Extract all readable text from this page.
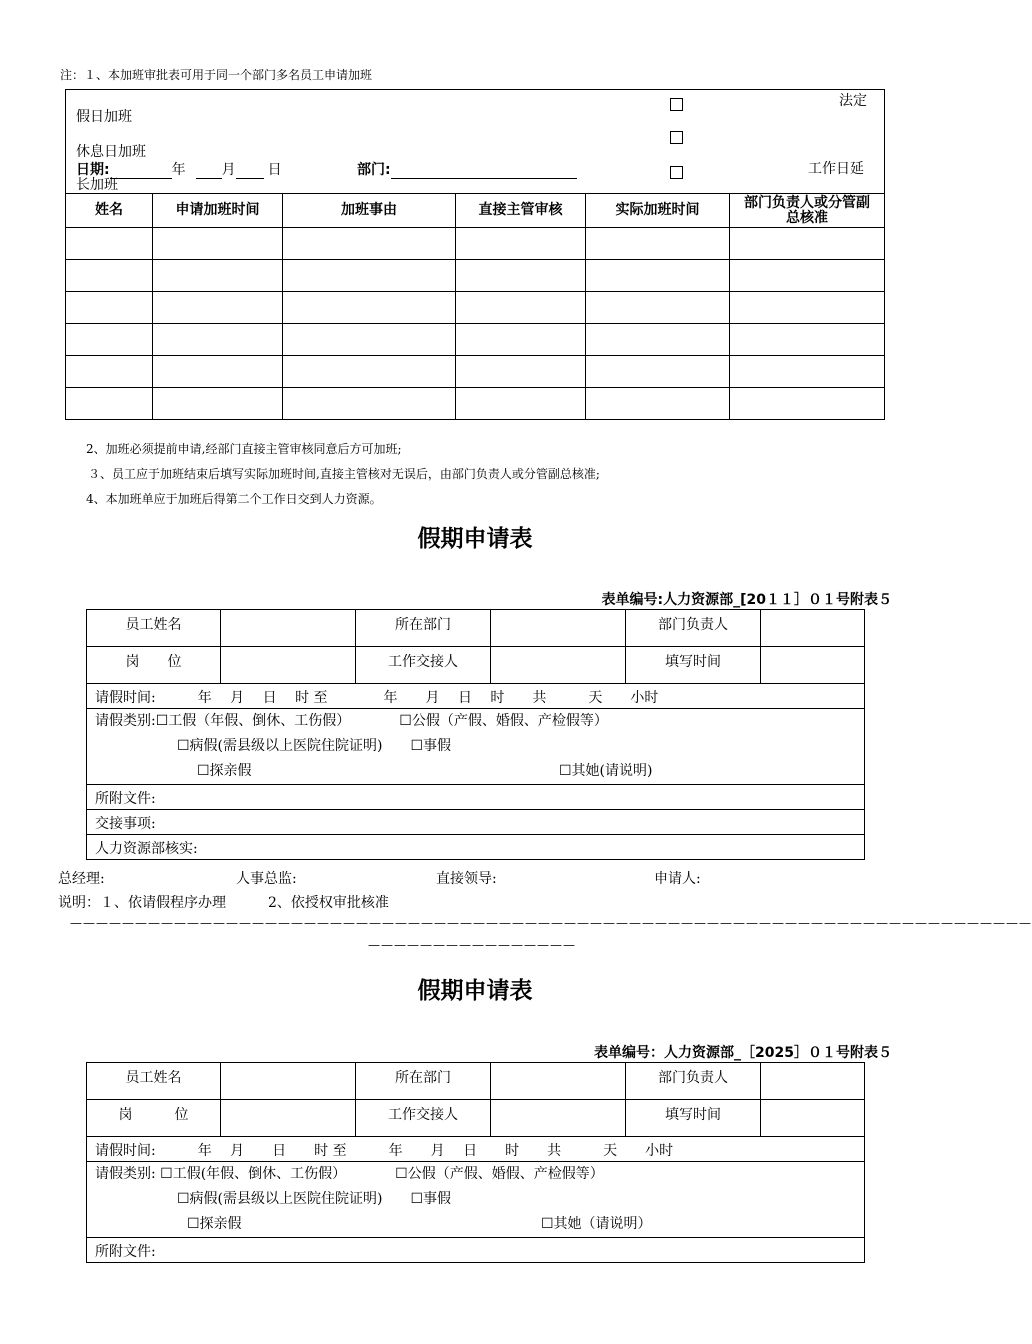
注：１、本加班审批表可用于同一个部门多名员工申请加班
假日加班
休息日加班
长加班
法定
工作日延
日期:	年	月 日	部门:
姓名	申请加班时间	加班事由	直接主管审核	实际加班时间	部门负责人或分管副总核准

2、加班必须提前申请,经部门直接主管审核同意后方可加班;
３、员工应于加班结束后填写实际加班时间,直接主管核对无误后，由部门负责人或分管副总核准;
4、本加班单应于加班后得第二个工作日交到人力资源。
假期申请表
表单编号:人力资源部_[20１１］０１号附表５
员工姓名		所在部门		部门负责人	
岗　　位		工作交接人		填写时间	
请假时间:　　　年　 月　 日　 时 至　　　　年　　月　 日　 时　　共　　　天　　小时					

请假类别:☐工假（年假、倒休、工伤假）　　　　☐公假（产假、婚假、产检假等）
☐病假(需县级以上医院住院证明)　　☐事假
☐探亲假 ☐其她(请说明)					

所附文件:					
交接事项:					
人力资源部核实:					
总经理:	人事总监:	直接领导:	申请人:
说明：１、依请假程序办理　　　2、依授权审批核准
——————————————————————————————————————————————————————————————————————————
————————————————
假期申请表
表单编号：人力资源部_［2025］０１号附表５
员工姓名		所在部门		部门负责人	
岗　　　位		工作交接人		填写时间	
请假时间:　　　年　 月　　日　　时 至　　　年　　月　 日　　时　　共　　　天　　小时					

请假类别: ☐工假(年假、倒休、工伤假）　　　　☐公假（产假、婚假、产检假等）
☐病假(需县级以上医院住院证明)　　☐事假
☐探亲假 ☐其她（请说明）					

所附文件:					
